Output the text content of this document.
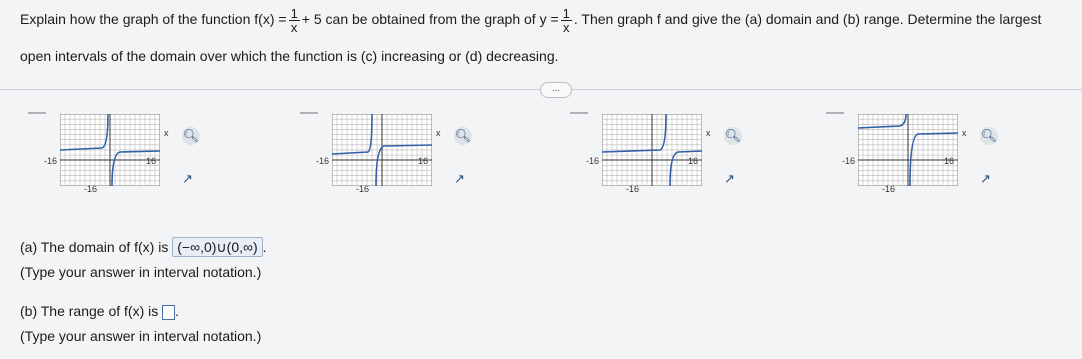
Explain how the graph of the function $f(x) = \frac{1}{x} + 5$ can be obtained from the graph of $y = \frac{1}{x}$ . Then graph f and give the (a) domain and (b) range. Determine the largest
open intervals of the domain over which the function is (c) increasing or (d) decreasing.
...
x
-16	16
-16
🔍︎
↗
x
-16	16
-16
🔍︎
↗
x
-16	16
-16
🔍︎
↗
x
-16	16
-16
🔍︎
↗
(a) The domain of f(x) is (−∞,0)∪(0,∞) .
(Type your answer in interval notation.)
(b) The range of f(x) is .
(Type your answer in interval notation.)
